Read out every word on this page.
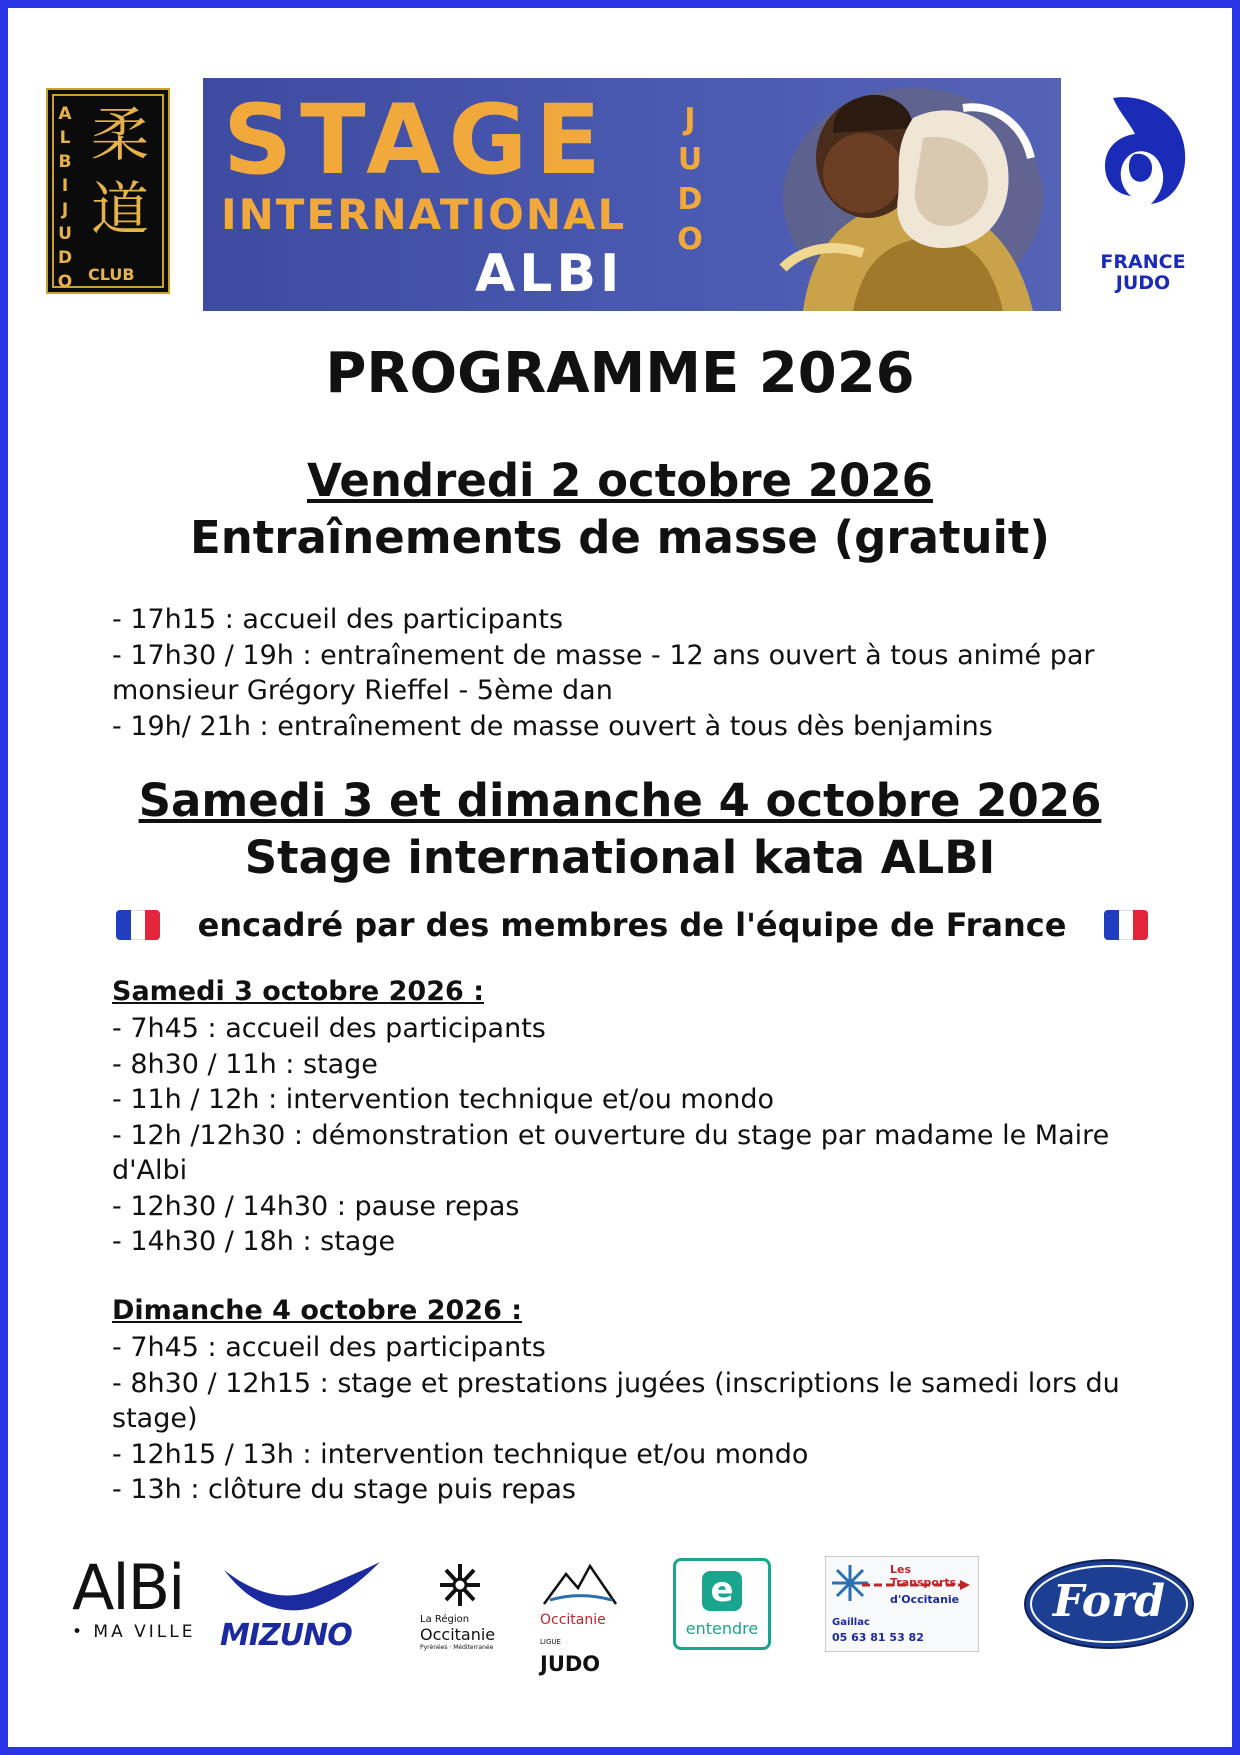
ALBI JUDO
柔道
CLUB
STAGE
INTERNATIONAL
ALBI
JUDO
FRANCE
JUDO
PROGRAMME 2026
Vendredi 2 octobre 2026
Entraînements de masse (gratuit)
- 17h15 : accueil des participants
- 17h30 / 19h : entraînement de masse - 12 ans ouvert à tous animé par monsieur Grégory Rieffel - 5ème dan
- 19h/ 21h : entraînement de masse ouvert à tous dès benjamins
Samedi 3 et dimanche 4 octobre 2026
Stage international kata ALBI
encadré par des membres de l'équipe de France
Samedi 3 octobre 2026 :
- 7h45 : accueil des participants
- 8h30 / 11h : stage
- 11h / 12h : intervention technique et/ou mondo
- 12h /12h30 : démonstration et ouverture du stage par madame le Maire d'Albi
- 12h30 / 14h30 : pause repas
- 14h30 / 18h : stage
Dimanche 4 octobre 2026 :
- 7h45 : accueil des participants
- 8h30 / 12h15 : stage et prestations jugées (inscriptions le samedi lors du stage)
- 12h15 / 13h : intervention technique et/ou mondo
- 13h : clôture du stage puis repas
AlBi
• MA VILLE MIZUNO	La Région
Occitanie
Pyrénées · Méditerranée
Occitanie
LIGUE JUDO
e
entendre
Les Transports
d'Occitanie
Gaillac
05 63 81 53 82
Ford
